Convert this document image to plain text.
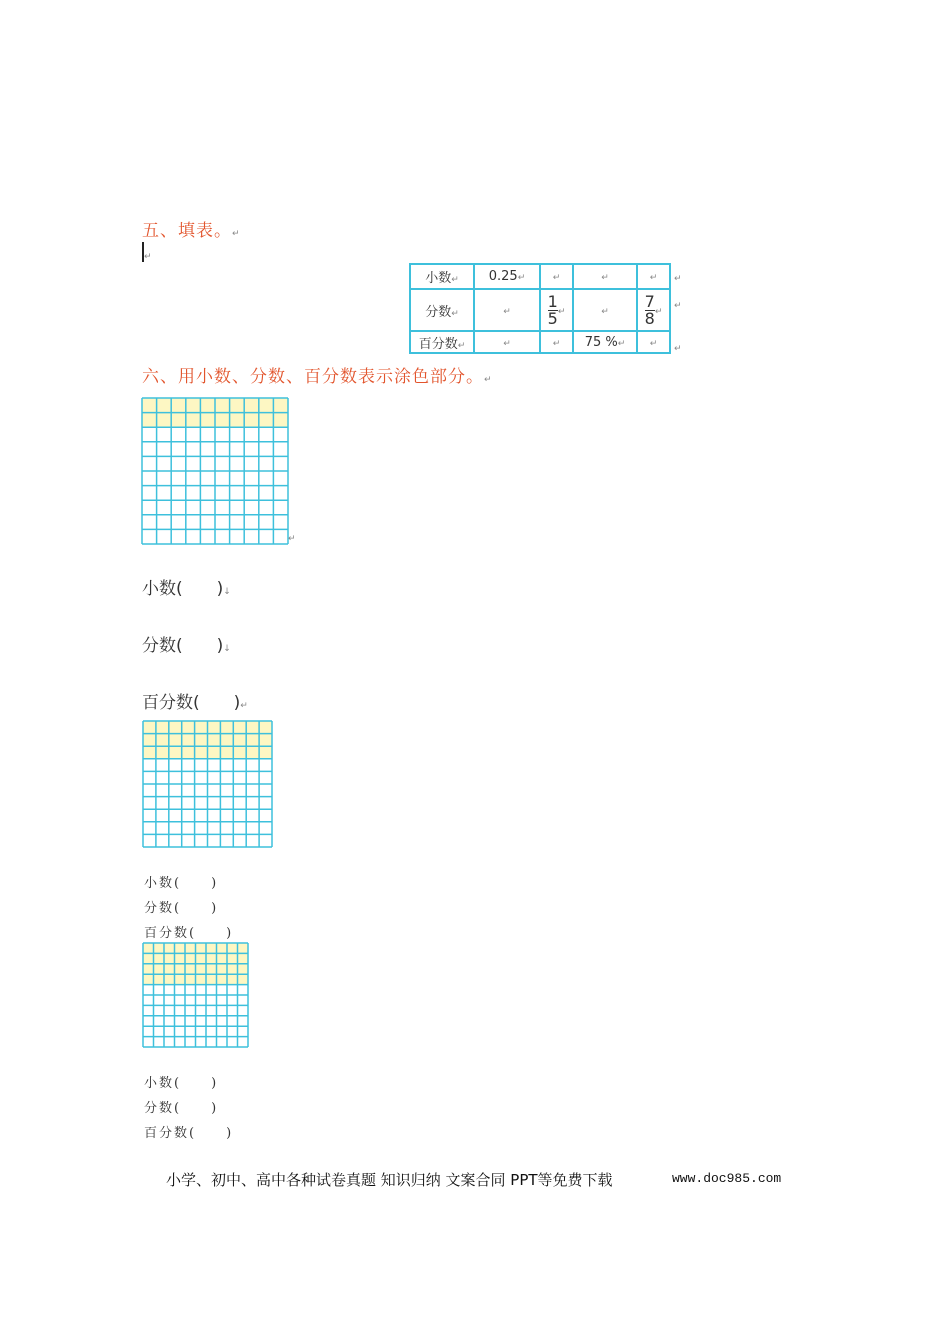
五、填表。↵
↵
小数↵	0.25↵	↵	↵	↵
分数↵	↵	$\frac{1}{5}$ ↵	↵	$\frac{7}{8}$ ↵
百分数↵	↵	↵	75 %↵	↵
↵
↵
↵
六、用小数、分数、百分数表示涂色部分。↵
↵
小数(　　)↓
分数(　　)↓
百分数(　　)↵
小数(　　)
分数(　　)
百分数(　　)
小数(　　)
分数(　　)
百分数(　　)
小学、初中、高中各种试卷真题 知识归纳 文案合同 PPT等免费下载	www.doc985.com
